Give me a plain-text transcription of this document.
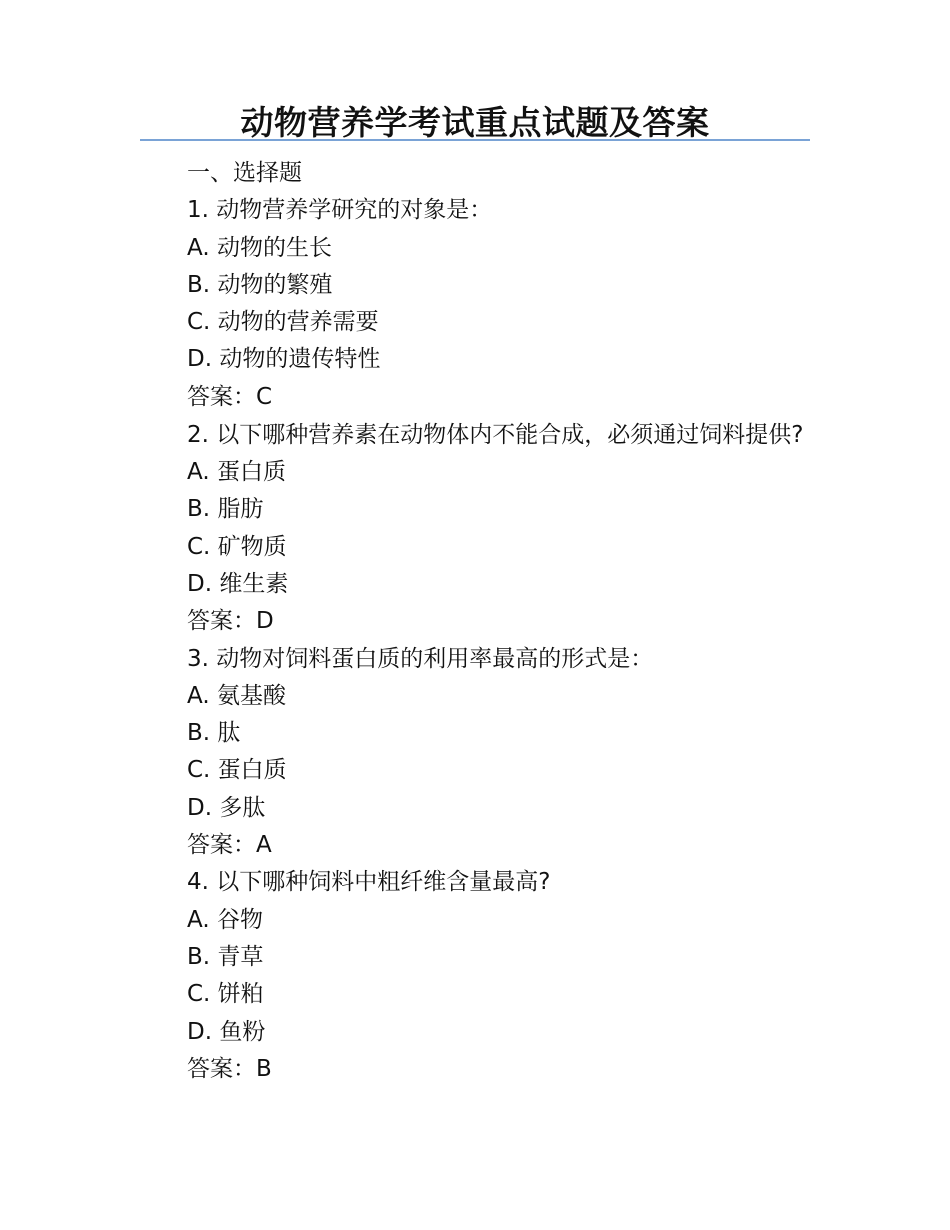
动物营养学考试重点试题及答案
一、选择题
1. 动物营养学研究的对象是：
A. 动物的生长
B. 动物的繁殖
C. 动物的营养需要
D. 动物的遗传特性
答案：C
2. 以下哪种营养素在动物体内不能合成，必须通过饲料提供?
A. 蛋白质
B. 脂肪
C. 矿物质
D. 维生素
答案：D
3. 动物对饲料蛋白质的利用率最高的形式是：
A. 氨基酸
B. 肽
C. 蛋白质
D. 多肽
答案：A
4. 以下哪种饲料中粗纤维含量最高?
A. 谷物
B. 青草
C. 饼粕
D. 鱼粉
答案：B
